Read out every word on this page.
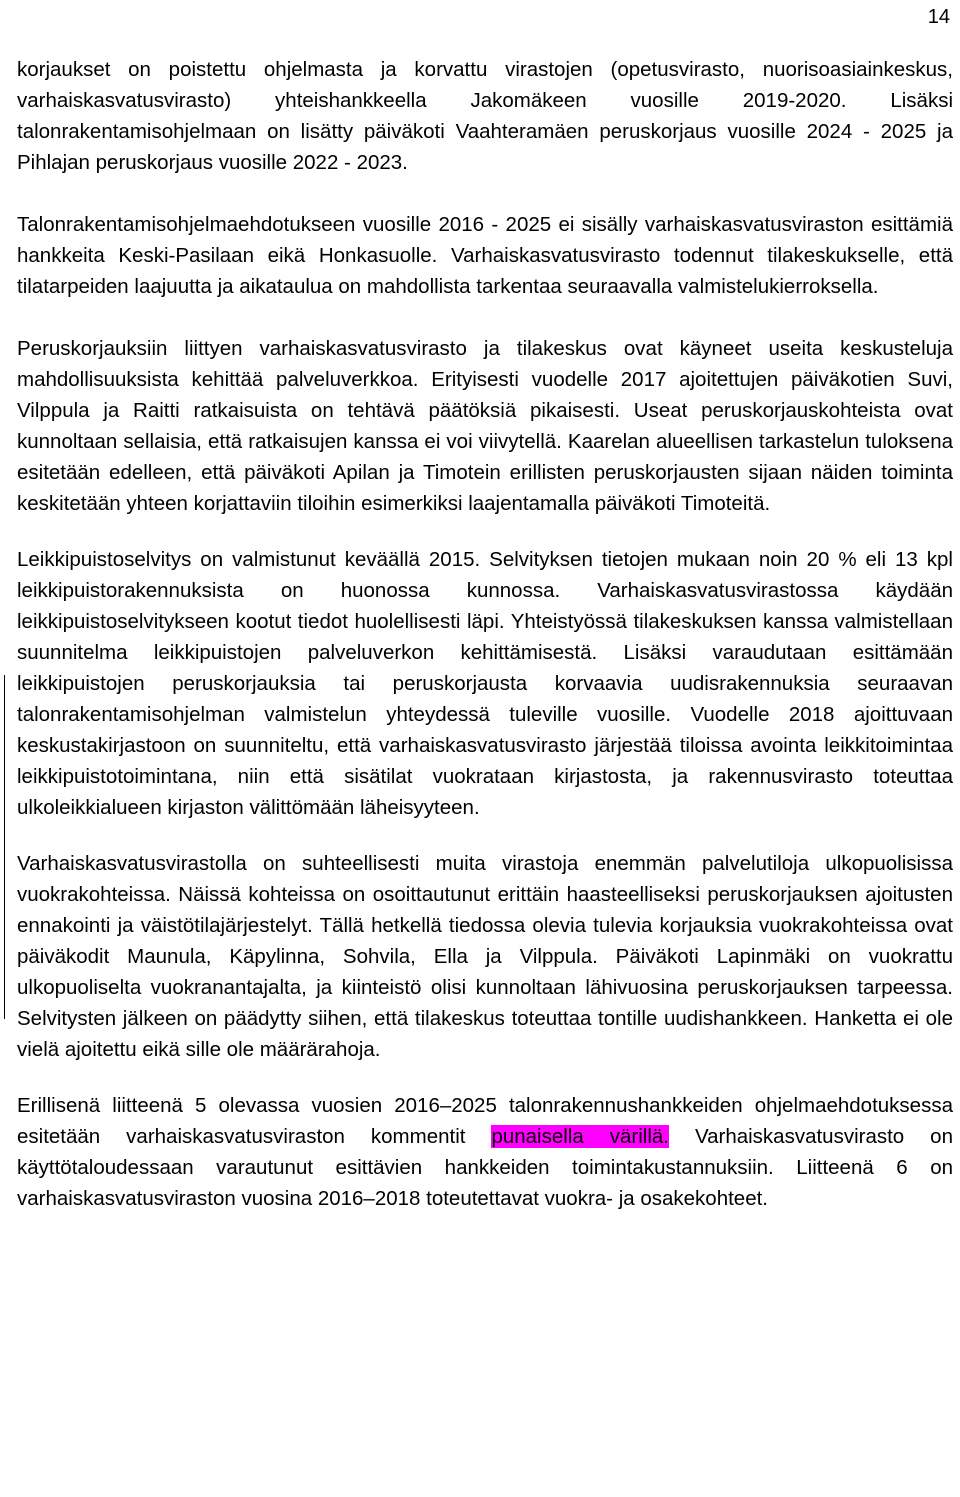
14

korjaukset on poistettu ohjelmasta ja korvattu virastojen (opetusvirasto, nuorisoasiainkeskus, varhaiskasvatusvirasto) yhteishankkeella Jakomäkeen vuosille 2019-2020. Lisäksi talonrakentamisohjelmaan on lisätty päiväkoti Vaahteramäen peruskorjaus vuosille 2024 - 2025 ja Pihlajan peruskorjaus vuosille 2022 - 2023.

Talonrakentamisohjelmaehdotukseen vuosille 2016 - 2025 ei sisälly varhaiskasvatusviraston esittämiä hankkeita Keski-Pasilaan eikä Honkasuolle. Varhaiskasvatusvirasto todennut tilakeskukselle, että tilatarpeiden laajuutta ja aikataulua on mahdollista tarkentaa seuraavalla valmistelukierroksella.

Peruskorjauksiin liittyen varhaiskasvatusvirasto ja tilakeskus ovat käyneet useita keskusteluja mahdollisuuksista kehittää palveluverkkoa. Erityisesti vuodelle 2017 ajoitettujen päiväkotien Suvi, Vilppula ja Raitti ratkaisuista on tehtävä päätöksiä pikaisesti. Useat peruskorjauskohteista ovat kunnoltaan sellaisia, että ratkaisujen kanssa ei voi viivytellä. Kaarelan alueellisen tarkastelun tuloksena esitetään edelleen, että päiväkoti Apilan ja Timotein erillisten peruskorjausten sijaan näiden toiminta keskitetään yhteen korjattaviin tiloihin esimerkiksi laajentamalla päiväkoti Timoteitä.

Leikkipuistoselvitys on valmistunut keväällä 2015. Selvityksen tietojen mukaan noin 20 % eli 13 kpl leikkipuistorakennuksista on huonossa kunnossa. Varhaiskasvatusvirastossa käydään leikkipuistoselvitykseen kootut tiedot huolellisesti läpi. Yhteistyössä tilakeskuksen kanssa valmistellaan suunnitelma leikkipuistojen palveluverkon kehittämisestä. Lisäksi varaudutaan esittämään leikkipuistojen peruskorjauksia tai peruskorjausta korvaavia uudisrakennuksia seuraavan talonrakentamisohjelman valmistelun yhteydessä tuleville vuosille. Vuodelle 2018 ajoittuvaan keskustakirjastoon on suunniteltu, että varhaiskasvatusvirasto järjestää tiloissa avointa leikkitoimintaa leikkipuistotoimintana, niin että sisätilat vuokrataan kirjastosta, ja rakennusvirasto toteuttaa ulkoleikkialueen kirjaston välittömään läheisyyteen.

Varhaiskasvatusvirastolla on suhteellisesti muita virastoja enemmän palvelutiloja ulkopuolisissa vuokrakohteissa. Näissä kohteissa on osoittautunut erittäin haasteelliseksi peruskorjauksen ajoitusten ennakointi ja väistötilajärjestelyt. Tällä hetkellä tiedossa olevia tulevia korjauksia vuokrakohteissa ovat päiväkodit Maunula, Käpylinna, Sohvila, Ella ja Vilppula. Päiväkoti Lapinmäki on vuokrattu ulkopuoliselta vuokranantajalta, ja kiinteistö olisi kunnoltaan lähivuosina peruskorjauksen tarpeessa. Selvitysten jälkeen on päädytty siihen, että tilakeskus toteuttaa tontille uudishankkeen. Hanketta ei ole vielä ajoitettu eikä sille ole määrärahoja.

Erillisenä liitteenä 5 olevassa vuosien 2016–2025 talonrakennushankkeiden ohjelmaehdotuksessa esitetään varhaiskasvatusviraston kommentit punaisella värillä. Varhaiskasvatusvirasto on käyttötaloudessaan varautunut esittävien hankkeiden toimintakustannuksiin. Liitteenä 6 on varhaiskasvatusviraston vuosina 2016–2018 toteutettavat vuokra- ja osakekohteet.
